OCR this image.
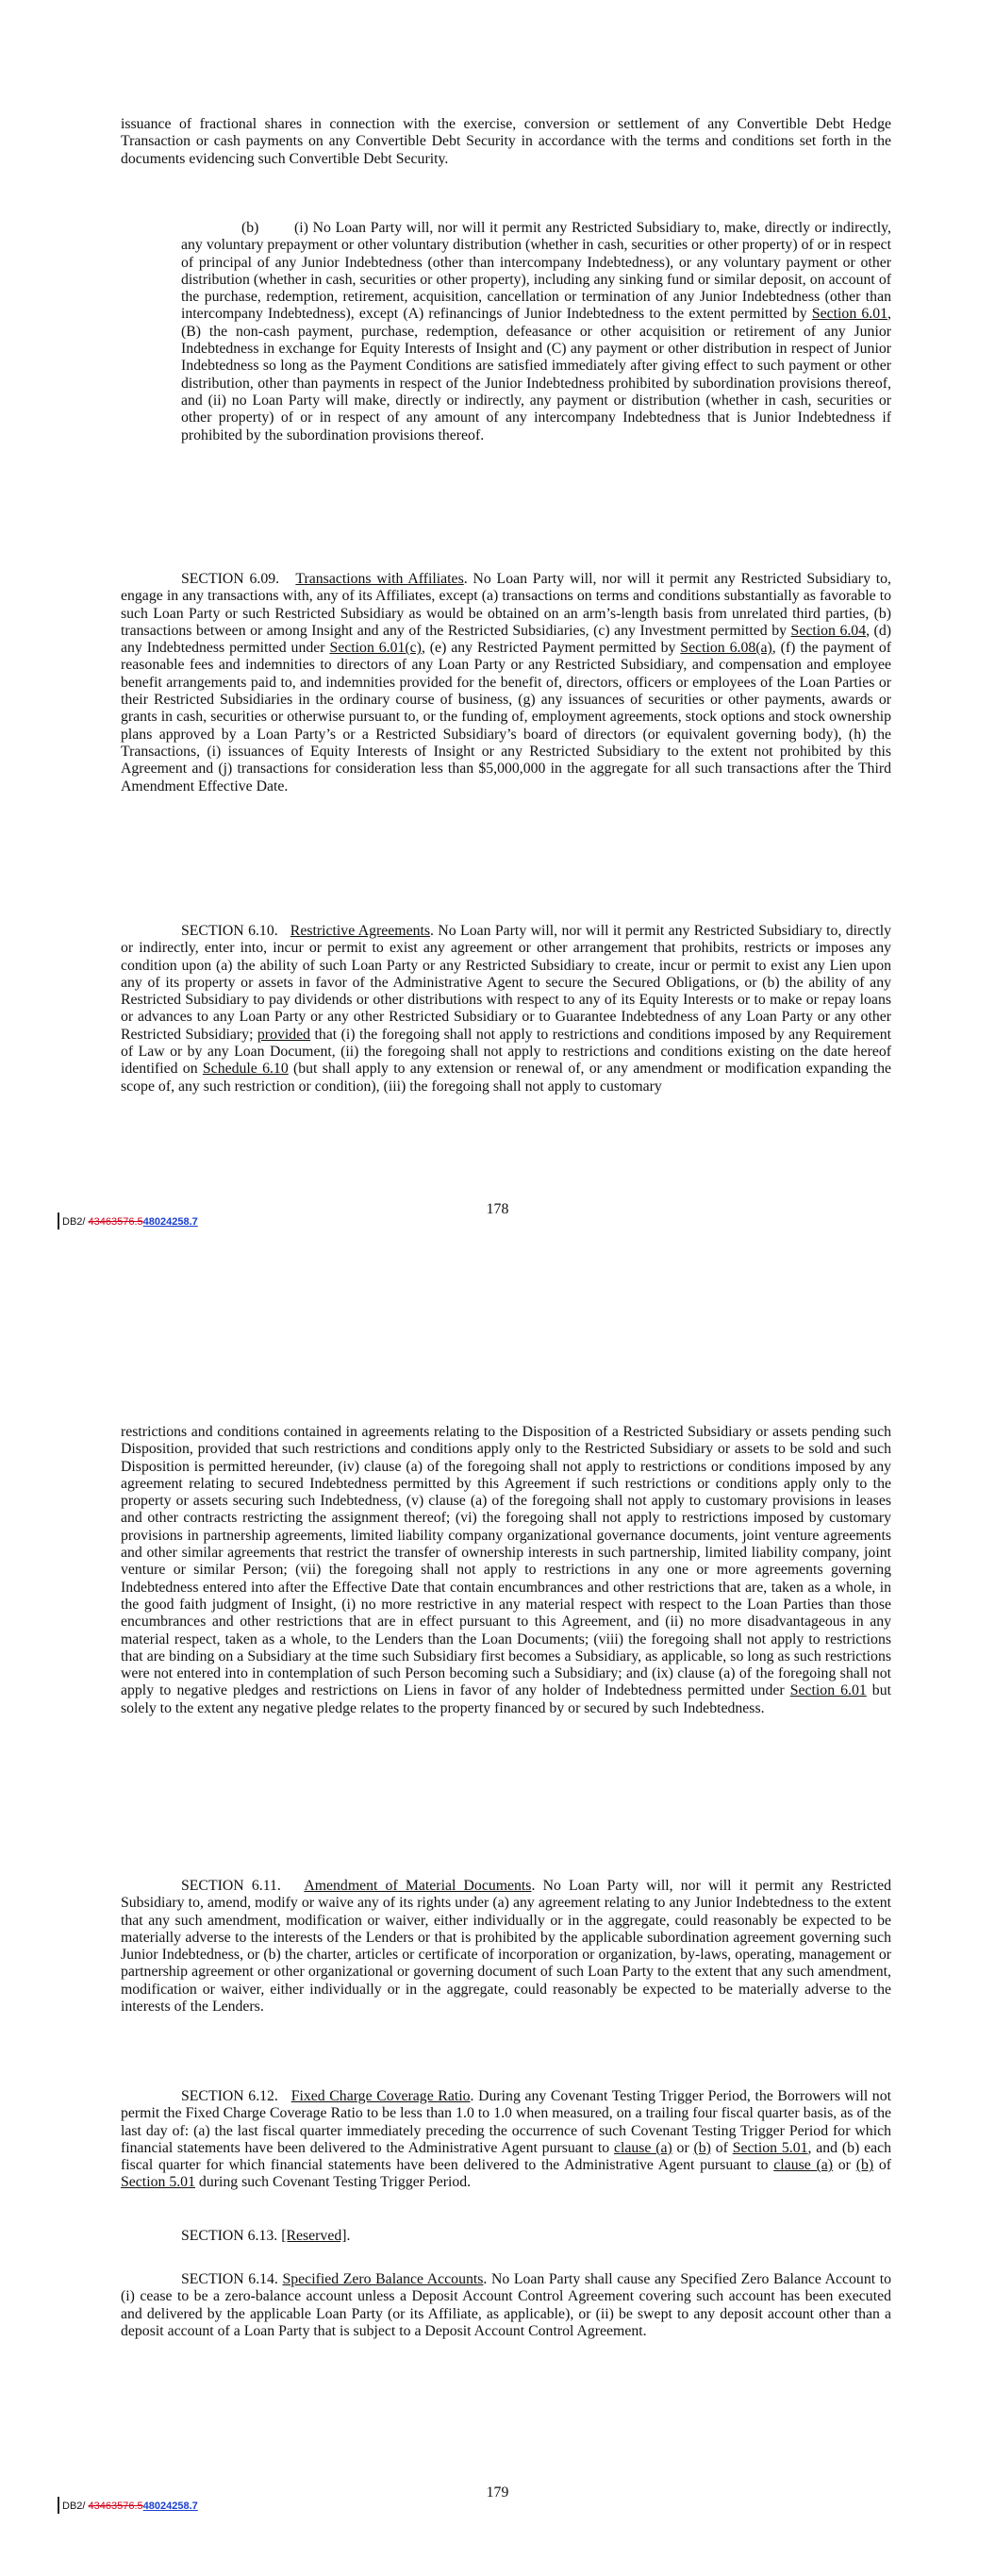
issuance of fractional shares in connection with the exercise, conversion or settlement of any Convertible Debt Hedge Transaction or cash payments on any Convertible Debt Security in accordance with the terms and conditions set forth in the documents evidencing such Convertible Debt Security.

(b)        (i) No Loan Party will, nor will it permit any Restricted Subsidiary to, make, directly or indirectly, any voluntary prepayment or other voluntary distribution (whether in cash, securities or other property) of or in respect of principal of any Junior Indebtedness (other than intercompany Indebtedness), or any voluntary payment or other distribution (whether in cash, securities or other property), including any sinking fund or similar deposit, on account of the purchase, redemption, retirement, acquisition, cancellation or termination of any Junior Indebtedness (other than intercompany Indebtedness), except (A) refinancings of Junior Indebtedness to the extent permitted by Section 6.01, (B) the non-cash payment, purchase, redemption, defeasance or other acquisition or retirement of any Junior Indebtedness in exchange for Equity Interests of Insight and (C) any payment or other distribution in respect of Junior Indebtedness so long as the Payment Conditions are satisfied immediately after giving effect to such payment or other distribution, other than payments in respect of the Junior Indebtedness prohibited by subordination provisions thereof, and (ii) no Loan Party will make, directly or indirectly, any payment or distribution (whether in cash, securities or other property) of or in respect of any amount of any intercompany Indebtedness that is Junior Indebtedness if prohibited by the subordination provisions thereof.

SECTION 6.09. Transactions with Affiliates. No Loan Party will, nor will it permit any Restricted Subsidiary to, engage in any transactions with, any of its Affiliates, except (a) transactions on terms and conditions substantially as favorable to such Loan Party or such Restricted Subsidiary as would be obtained on an arm’s-length basis from unrelated third parties, (b) transactions between or among Insight and any of the Restricted Subsidiaries, (c) any Investment permitted by Section 6.04, (d) any Indebtedness permitted under Section 6.01(c), (e) any Restricted Payment permitted by Section 6.08(a), (f) the payment of reasonable fees and indemnities to directors of any Loan Party or any Restricted Subsidiary, and compensation and employee benefit arrangements paid to, and indemnities provided for the benefit of, directors, officers or employees of the Loan Parties or their Restricted Subsidiaries in the ordinary course of business, (g) any issuances of securities or other payments, awards or grants in cash, securities or otherwise pursuant to, or the funding of, employment agreements, stock options and stock ownership plans approved by a Loan Party’s or a Restricted Subsidiary’s board of directors (or equivalent governing body), (h) the Transactions, (i) issuances of Equity Interests of Insight or any Restricted Subsidiary to the extent not prohibited by this Agreement and (j) transactions for consideration less than $5,000,000 in the aggregate for all such transactions after the Third Amendment Effective Date.

SECTION 6.10. Restrictive Agreements. No Loan Party will, nor will it permit any Restricted Subsidiary to, directly or indirectly, enter into, incur or permit to exist any agreement or other arrangement that prohibits, restricts or imposes any condition upon (a) the ability of such Loan Party or any Restricted Subsidiary to create, incur or permit to exist any Lien upon any of its property or assets in favor of the Administrative Agent to secure the Secured Obligations, or (b) the ability of any Restricted Subsidiary to pay dividends or other distributions with respect to any of its Equity Interests or to make or repay loans or advances to any Loan Party or any other Restricted Subsidiary or to Guarantee Indebtedness of any Loan Party or any other Restricted Subsidiary; provided that (i) the foregoing shall not apply to restrictions and conditions imposed by any Requirement of Law or by any Loan Document, (ii) the foregoing shall not apply to restrictions and conditions existing on the date hereof identified on Schedule 6.10 (but shall apply to any extension or renewal of, or any amendment or modification expanding the scope of, any such restriction or condition), (iii) the foregoing shall not apply to customary

178
DB2/ 43463576.548024258.7

restrictions and conditions contained in agreements relating to the Disposition of a Restricted Subsidiary or assets pending such Disposition, provided that such restrictions and conditions apply only to the Restricted Subsidiary or assets to be sold and such Disposition is permitted hereunder, (iv) clause (a) of the foregoing shall not apply to restrictions or conditions imposed by any agreement relating to secured Indebtedness permitted by this Agreement if such restrictions or conditions apply only to the property or assets securing such Indebtedness, (v) clause (a) of the foregoing shall not apply to customary provisions in leases and other contracts restricting the assignment thereof; (vi) the foregoing shall not apply to restrictions imposed by customary provisions in partnership agreements, limited liability company organizational governance documents, joint venture agreements and other similar agreements that restrict the transfer of ownership interests in such partnership, limited liability company, joint venture or similar Person; (vii) the foregoing shall not apply to restrictions in any one or more agreements governing Indebtedness entered into after the Effective Date that contain encumbrances and other restrictions that are, taken as a whole, in the good faith judgment of Insight, (i) no more restrictive in any material respect with respect to the Loan Parties than those encumbrances and other restrictions that are in effect pursuant to this Agreement, and (ii) no more disadvantageous in any material respect, taken as a whole, to the Lenders than the Loan Documents; (viii) the foregoing shall not apply to restrictions that are binding on a Subsidiary at the time such Subsidiary first becomes a Subsidiary, as applicable, so long as such restrictions were not entered into in contemplation of such Person becoming such a Subsidiary; and (ix) clause (a) of the foregoing shall not apply to negative pledges and restrictions on Liens in favor of any holder of Indebtedness permitted under Section 6.01 but solely to the extent any negative pledge relates to the property financed by or secured by such Indebtedness.

SECTION 6.11. Amendment of Material Documents. No Loan Party will, nor will it permit any Restricted Subsidiary to, amend, modify or waive any of its rights under (a) any agreement relating to any Junior Indebtedness to the extent that any such amendment, modification or waiver, either individually or in the aggregate, could reasonably be expected to be materially adverse to the interests of the Lenders or that is prohibited by the applicable subordination agreement governing such Junior Indebtedness, or (b) the charter, articles or certificate of incorporation or organization, by-laws, operating, management or partnership agreement or other organizational or governing document of such Loan Party to the extent that any such amendment, modification or waiver, either individually or in the aggregate, could reasonably be expected to be materially adverse to the interests of the Lenders.

SECTION 6.12. Fixed Charge Coverage Ratio. During any Covenant Testing Trigger Period, the Borrowers will not permit the Fixed Charge Coverage Ratio to be less than 1.0 to 1.0 when measured, on a trailing four fiscal quarter basis, as of the last day of: (a) the last fiscal quarter immediately preceding the occurrence of such Covenant Testing Trigger Period for which financial statements have been delivered to the Administrative Agent pursuant to clause (a) or (b) of Section 5.01, and (b) each fiscal quarter for which financial statements have been delivered to the Administrative Agent pursuant to clause (a) or (b) of Section 5.01 during such Covenant Testing Trigger Period.

SECTION 6.13. [Reserved].

SECTION 6.14. Specified Zero Balance Accounts. No Loan Party shall cause any Specified Zero Balance Account to (i) cease to be a zero-balance account unless a Deposit Account Control Agreement covering such account has been executed and delivered by the applicable Loan Party (or its Affiliate, as applicable), or (ii) be swept to any deposit account other than a deposit account of a Loan Party that is subject to a Deposit Account Control Agreement.

179
DB2/ 43463576.548024258.7
